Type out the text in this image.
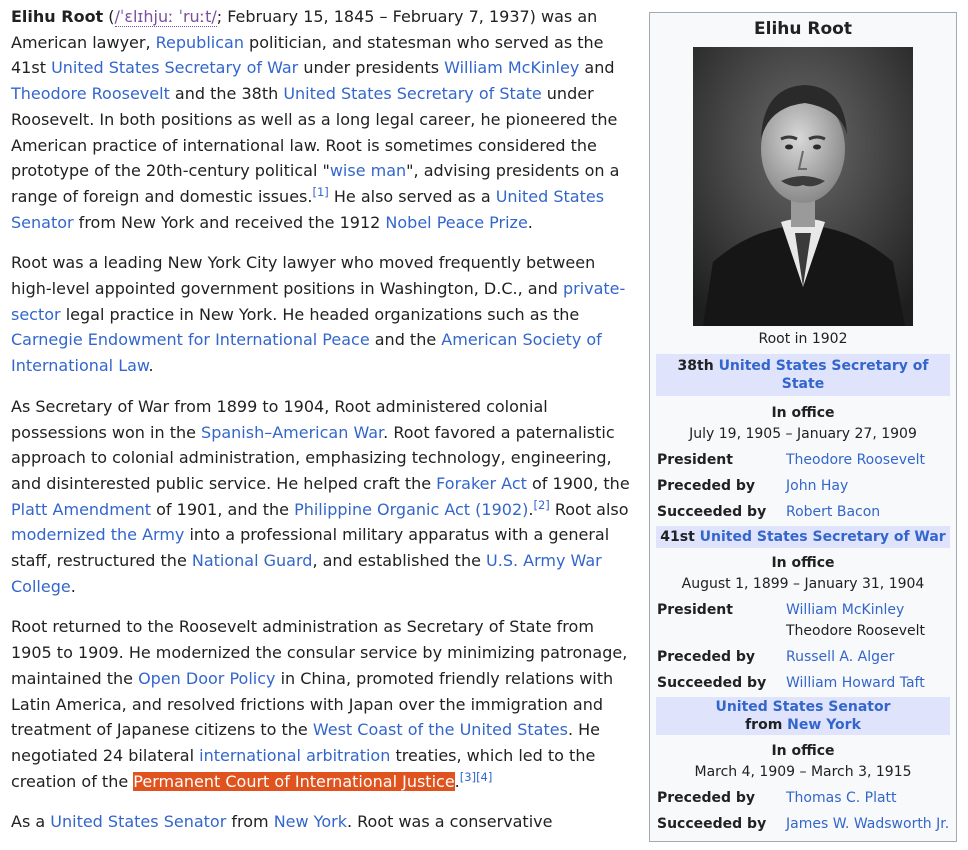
Elihu Root (/ˈɛlɪhjuː ˈruːt/; February 15, 1845 – February 7, 1937) was an American lawyer, Republican politician, and statesman who served as the 41st United States Secretary of War under presidents William McKinley and Theodore Roosevelt and the 38th United States Secretary of State under Roosevelt. In both positions as well as a long legal career, he pioneered the American practice of international law. Root is sometimes considered the prototype of the 20th-century political "wise man", advising presidents on a range of foreign and domestic issues.[1] He also served as a United States Senator from New York and received the 1912 Nobel Peace Prize.

Root was a leading New York City lawyer who moved frequently between high-level appointed government positions in Washington, D.C., and private-sector legal practice in New York. He headed organizations such as the Carnegie Endowment for International Peace and the American Society of International Law.

As Secretary of War from 1899 to 1904, Root administered colonial possessions won in the Spanish–American War. Root favored a paternalistic approach to colonial administration, emphasizing technology, engineering, and disinterested public service. He helped craft the Foraker Act of 1900, the Platt Amendment of 1901, and the Philippine Organic Act (1902).[2] Root also modernized the Army into a professional military apparatus with a general staff, restructured the National Guard, and established the U.S. Army War College.

Root returned to the Roosevelt administration as Secretary of State from 1905 to 1909. He modernized the consular service by minimizing patronage, maintained the Open Door Policy in China, promoted friendly relations with Latin America, and resolved frictions with Japan over the immigration and treatment of Japanese citizens to the West Coast of the United States. He negotiated 24 bilateral international arbitration treaties, which led to the creation of the Permanent Court of International Justice.[3][4]

As a United States Senator from New York. Root was a conservative

Elihu Root
Root in 1902
38th United States Secretary of State
In office
July 19, 1905 – January 27, 1909
President	Theodore Roosevelt
Preceded by	John Hay
Succeeded by	Robert Bacon
41st United States Secretary of War
In office
August 1, 1899 – January 31, 1904
President	William McKinley
Theodore Roosevelt
Preceded by	Russell A. Alger
Succeeded by	William Howard Taft
United States Senator
from New York
In office
March 4, 1909 – March 3, 1915
Preceded by	Thomas C. Platt
Succeeded by	James W. Wadsworth Jr.
